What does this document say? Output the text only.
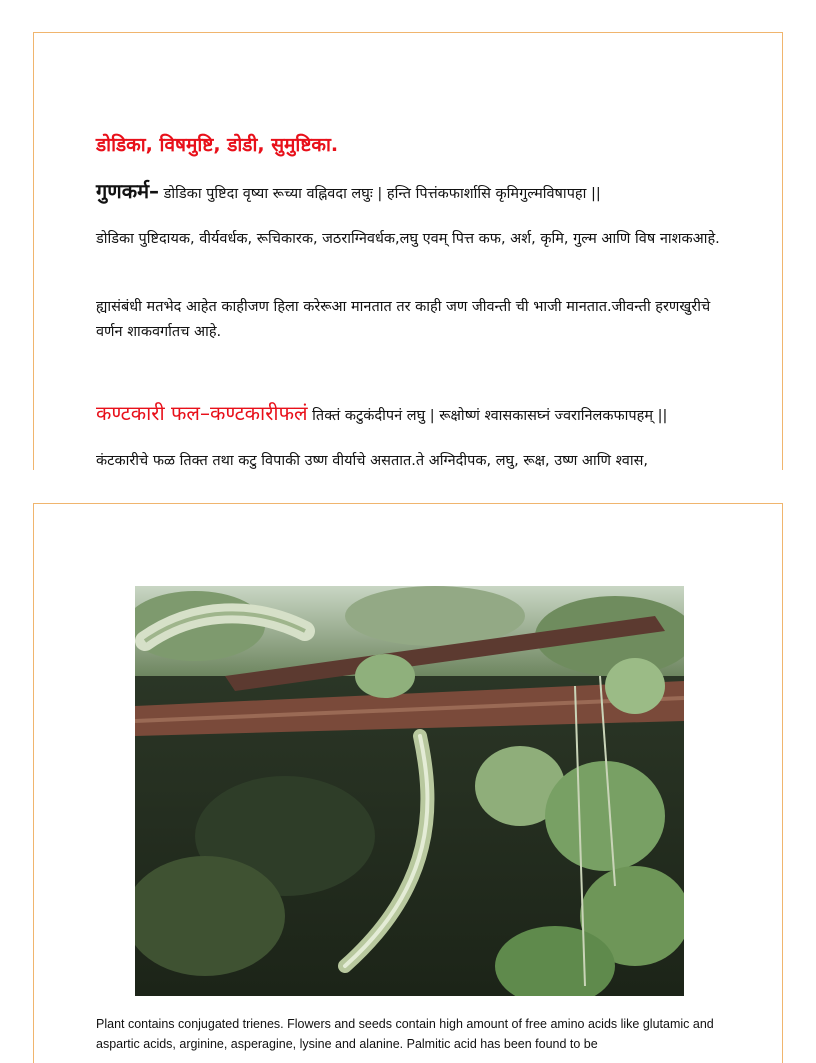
डोडिका, विषमुष्टि, डोडी, सुमुष्टिका.
गुणकर्म– डोडिका पुष्टिदा वृष्या रूच्या वह्निवदा लघुः | हन्ति पित्तंकफार्शासि कृमिगुल्मविषापहा ||
डोडिका पुष्टिदायक, वीर्यवर्धक, रूचिकारक, जठराग्निवर्धक,लघु एवम् पित्त कफ, अर्श, कृमि, गुल्म आणि विष नाशकआहे.
ह्यासंबंधी मतभेद आहेत काहीजण हिला करेरूआ मानतात तर काही जण जीवन्ती ची भाजी मानतात.जीवन्ती हरणखुरीचे वर्णन शाकवर्गातच आहे.
कण्टकारी फल–कण्टकारीफलं तिक्तं कटुकंदीपनं लघु | रूक्षोष्णं श्वासकासघ्नं ज्वरानिलकफापहम् ||
कंटकारीचे फळ तिक्त तथा कटु विपाकी उष्ण वीर्याचे असतात.ते अग्निदीपक, लघु, रूक्ष, उष्ण आणि श्वास,
Plant contains conjugated trienes. Flowers and seeds contain high amount of free amino acids like glutamic and aspartic acids, arginine, asperagine, lysine and alanine. Palmitic acid has been found to be
